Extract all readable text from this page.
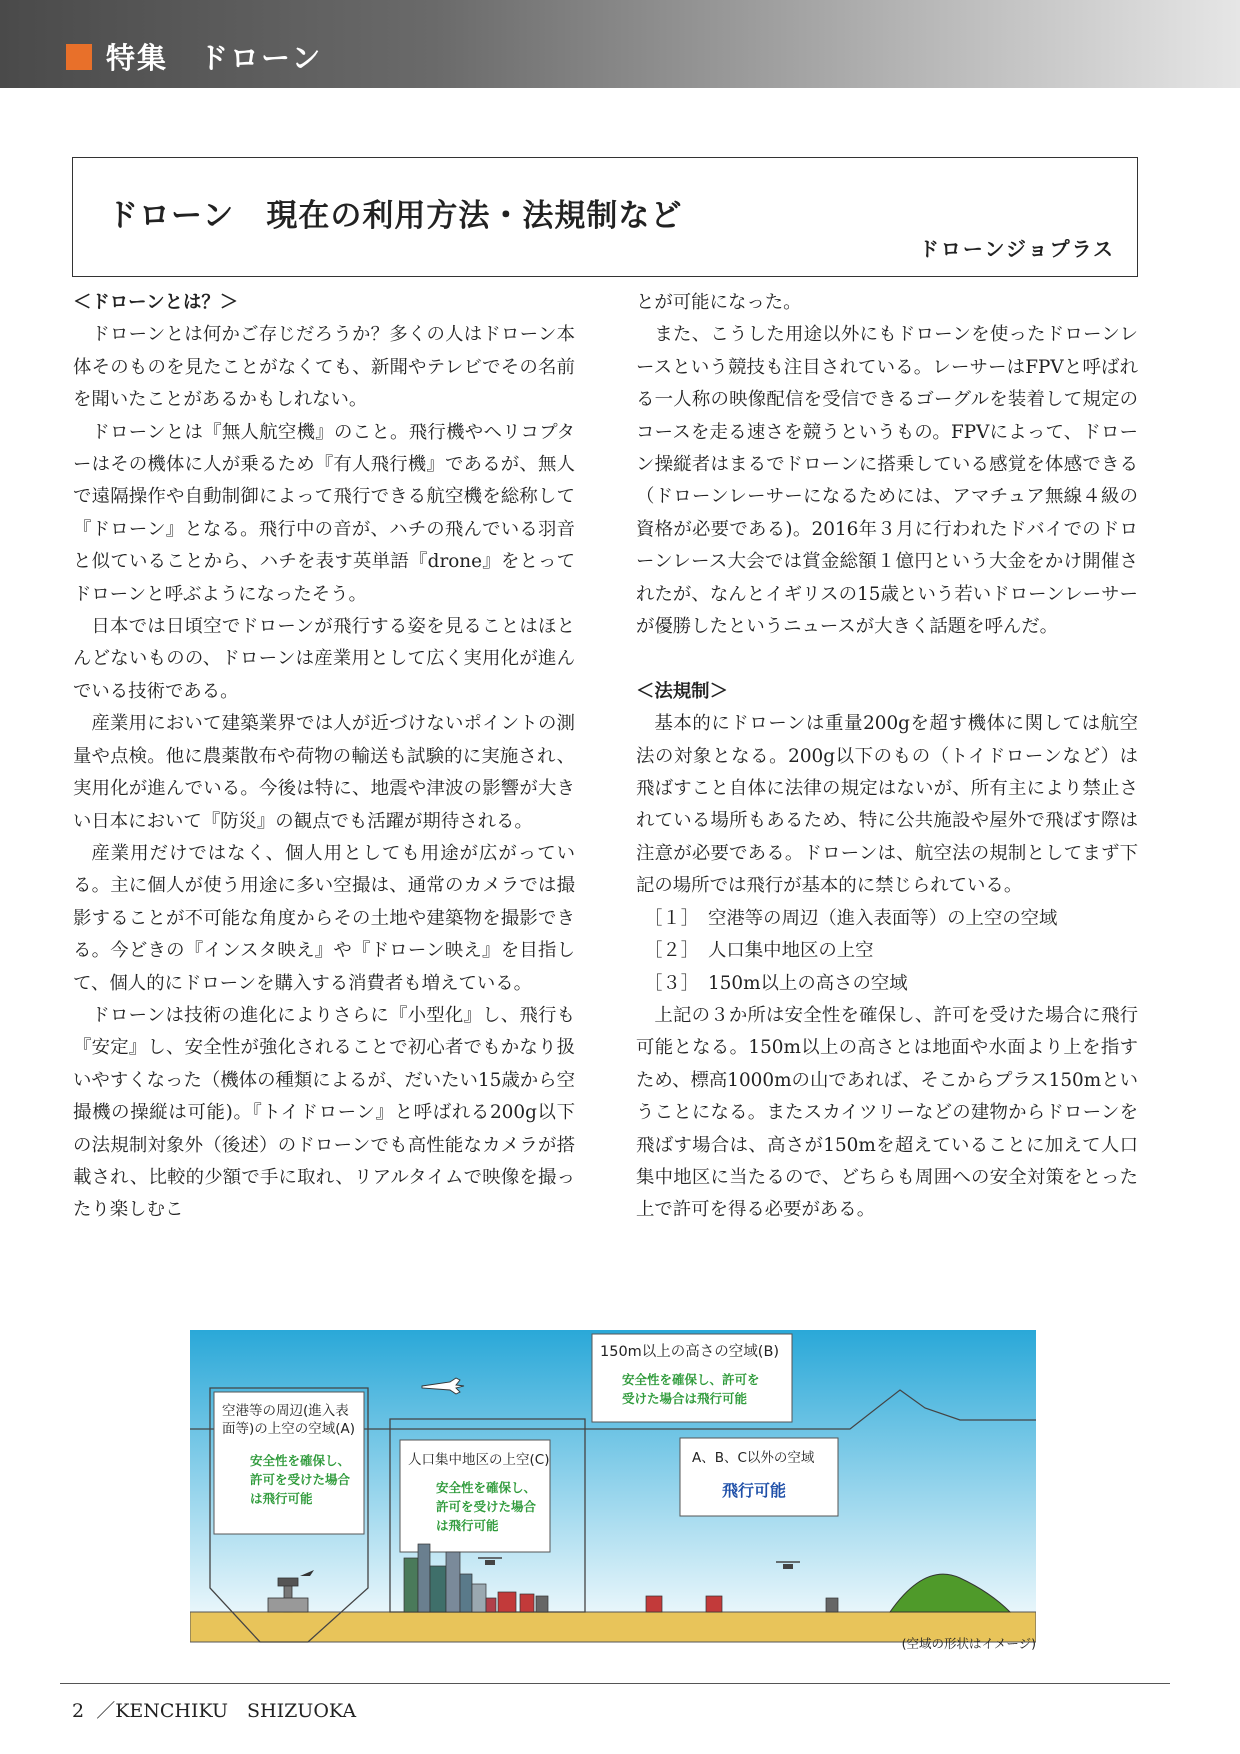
特集　ドローン
ドローン　現在の利用方法・法規制など
ドローンジョプラス
＜ドローンとは？＞

ドローンとは何かご存じだろうか？多くの人はドローン本体そのものを見たことがなくても、新聞やテレビでその名前を聞いたことがあるかもしれない。

ドローンとは『無人航空機』のこと。飛行機やヘリコプターはその機体に人が乗るため『有人飛行機』であるが、無人で遠隔操作や自動制御によって飛行できる航空機を総称して『ドローン』となる。飛行中の音が、ハチの飛んでいる羽音と似ていることから、ハチを表す英単語『drone』をとってドローンと呼ぶようになったそう。

日本では日頃空でドローンが飛行する姿を見ることはほとんどないものの、ドローンは産業用として広く実用化が進んでいる技術である。

産業用において建築業界では人が近づけないポイントの測量や点検。他に農薬散布や荷物の輸送も試験的に実施され、実用化が進んでいる。今後は特に、地震や津波の影響が大きい日本において『防災』の観点でも活躍が期待される。

産業用だけではなく、個人用としても用途が広がっている。主に個人が使う用途に多い空撮は、通常のカメラでは撮影することが不可能な角度からその土地や建築物を撮影できる。今どきの『インスタ映え』や『ドローン映え』を目指して、個人的にドローンを購入する消費者も増えている。

ドローンは技術の進化によりさらに『小型化』し、飛行も『安定』し、安全性が強化されることで初心者でもかなり扱いやすくなった（機体の種類によるが、だいたい15歳から空撮機の操縦は可能)。『トイドローン』と呼ばれる200g以下の法規制対象外（後述）のドローンでも高性能なカメラが搭載され、比較的少額で手に取れ、リアルタイムで映像を撮ったり楽しむこ

とが可能になった。

また、こうした用途以外にもドローンを使ったドローンレースという競技も注目されている。レーサーはFPVと呼ばれる一人称の映像配信を受信できるゴーグルを装着して規定のコースを走る速さを競うというもの。FPVによって、ドローン操縦者はまるでドローンに搭乗している感覚を体感できる（ドローンレーサーになるためには、アマチュア無線４級の資格が必要である)。2016年３月に行われたドバイでのドローンレース大会では賞金総額１億円という大金をかけ開催されたが、なんとイギリスの15歳という若いドローンレーサーが優勝したというニュースが大きく話題を呼んだ。

＜法規制＞

基本的にドローンは重量200gを超す機体に関しては航空法の対象となる。200g以下のもの（トイドローンなど）は飛ばすこと自体に法律の規定はないが、所有主により禁止されている場所もあるため、特に公共施設や屋外で飛ばす際は注意が必要である。ドローンは、航空法の規制としてまず下記の場所では飛行が基本的に禁じられている。

［１］ 空港等の周辺（進入表面等）の上空の空域
［２］ 人口集中地区の上空
［３］ 150m以上の高さの空域

上記の３か所は安全性を確保し、許可を受けた場合に飛行可能となる。150m以上の高さとは地面や水面より上を指すため、標高1000mの山であれば、そこからプラス150mということになる。またスカイツリーなどの建物からドローンを飛ばす場合は、高さが150mを超えていることに加えて人口集中地区に当たるので、どちらも周囲への安全対策をとった上で許可を得る必要がある。

150m以上の高さの空域(B)
安全性を確保し、許可を
受けた場合は飛行可能
空港等の周辺(進入表
面等)の上空の空域(A)
安全性を確保し、
許可を受けた場合
は飛行可能
人口集中地区の上空(C)
安全性を確保し、
許可を受けた場合
は飛行可能
A、B、C以外の空域
飛行可能
(空域の形状はイメージ)
2 ／KENCHIKU　SHIZUOKA
